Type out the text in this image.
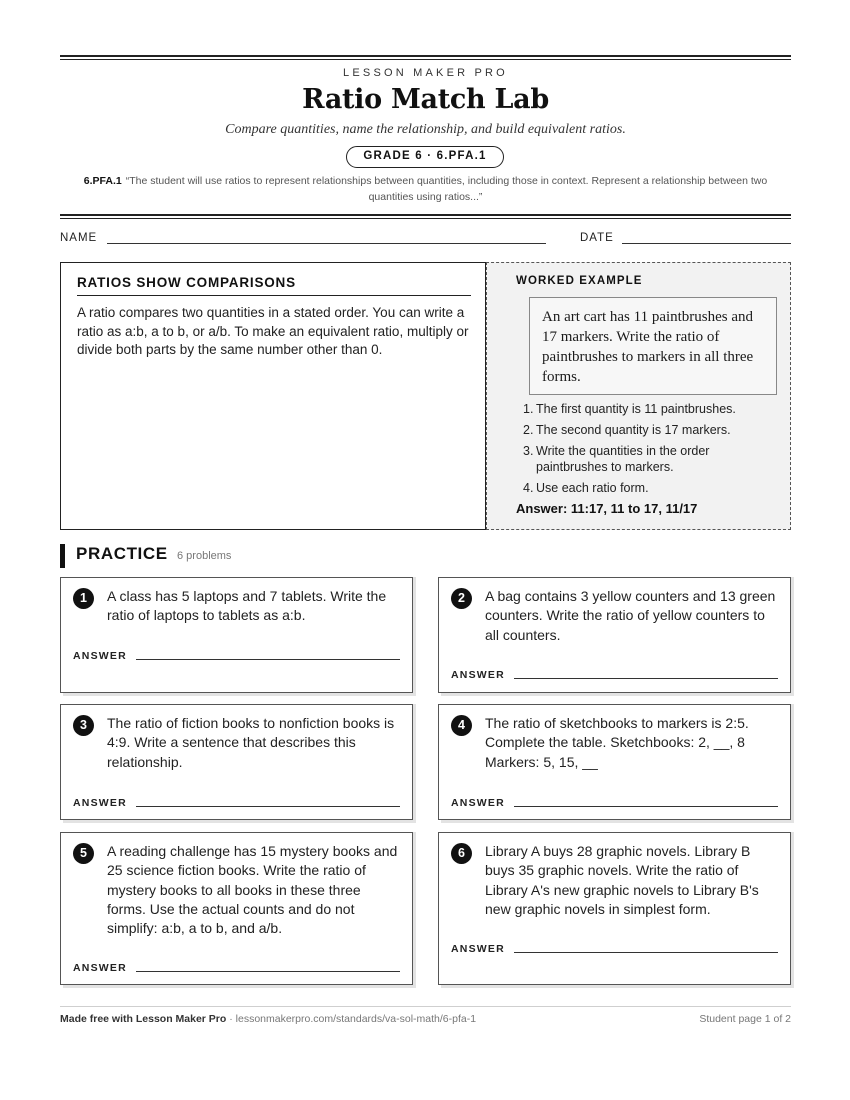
LESSON MAKER PRO
Ratio Match Lab
Compare quantities, name the relationship, and build equivalent ratios.
GRADE 6 · 6.PFA.1
6.PFA.1 “The student will use ratios to represent relationships between quantities, including those in context. Represent a relationship between two quantities using ratios...”
NAME	DATE
RATIOS SHOW COMPARISONS
A ratio compares two quantities in a stated order. You can write a ratio as a:b, a to b, or a/b. To make an equivalent ratio, multiply or divide both parts by the same number other than 0.
WORKED EXAMPLE
An art cart has 11 paintbrushes and 17 markers. Write the ratio of paintbrushes to markers in all three forms.
1. The first quantity is 11 paintbrushes.
2. The second quantity is 17 markers.
3. Write the quantities in the order paintbrushes to markers.
4. Use each ratio form.
Answer: 11:17, 11 to 17, 11/17
PRACTICE 6 problems
1	A class has 5 laptops and 7 tablets. Write the ratio of laptops to tablets as a:b.
ANSWER
2	A bag contains 3 yellow counters and 13 green counters. Write the ratio of yellow counters to all counters.
ANSWER
3	The ratio of fiction books to nonfiction books is 4:9. Write a sentence that describes this relationship.
ANSWER
4	The ratio of sketchbooks to markers is 2:5. Complete the table. Sketchbooks: 2, __, 8 Markers: 5, 15, __
ANSWER
5	A reading challenge has 15 mystery books and 25 science fiction books. Write the ratio of mystery books to all books in these three forms. Use the actual counts and do not simplify: a:b, a to b, and a/b.
ANSWER
6	Library A buys 28 graphic novels. Library B buys 35 graphic novels. Write the ratio of Library A's new graphic novels to Library B's new graphic novels in simplest form.
ANSWER
Made free with Lesson Maker Pro · lessonmakerpro.com/standards/va-sol-math/6-pfa-1	Student page 1 of 2
